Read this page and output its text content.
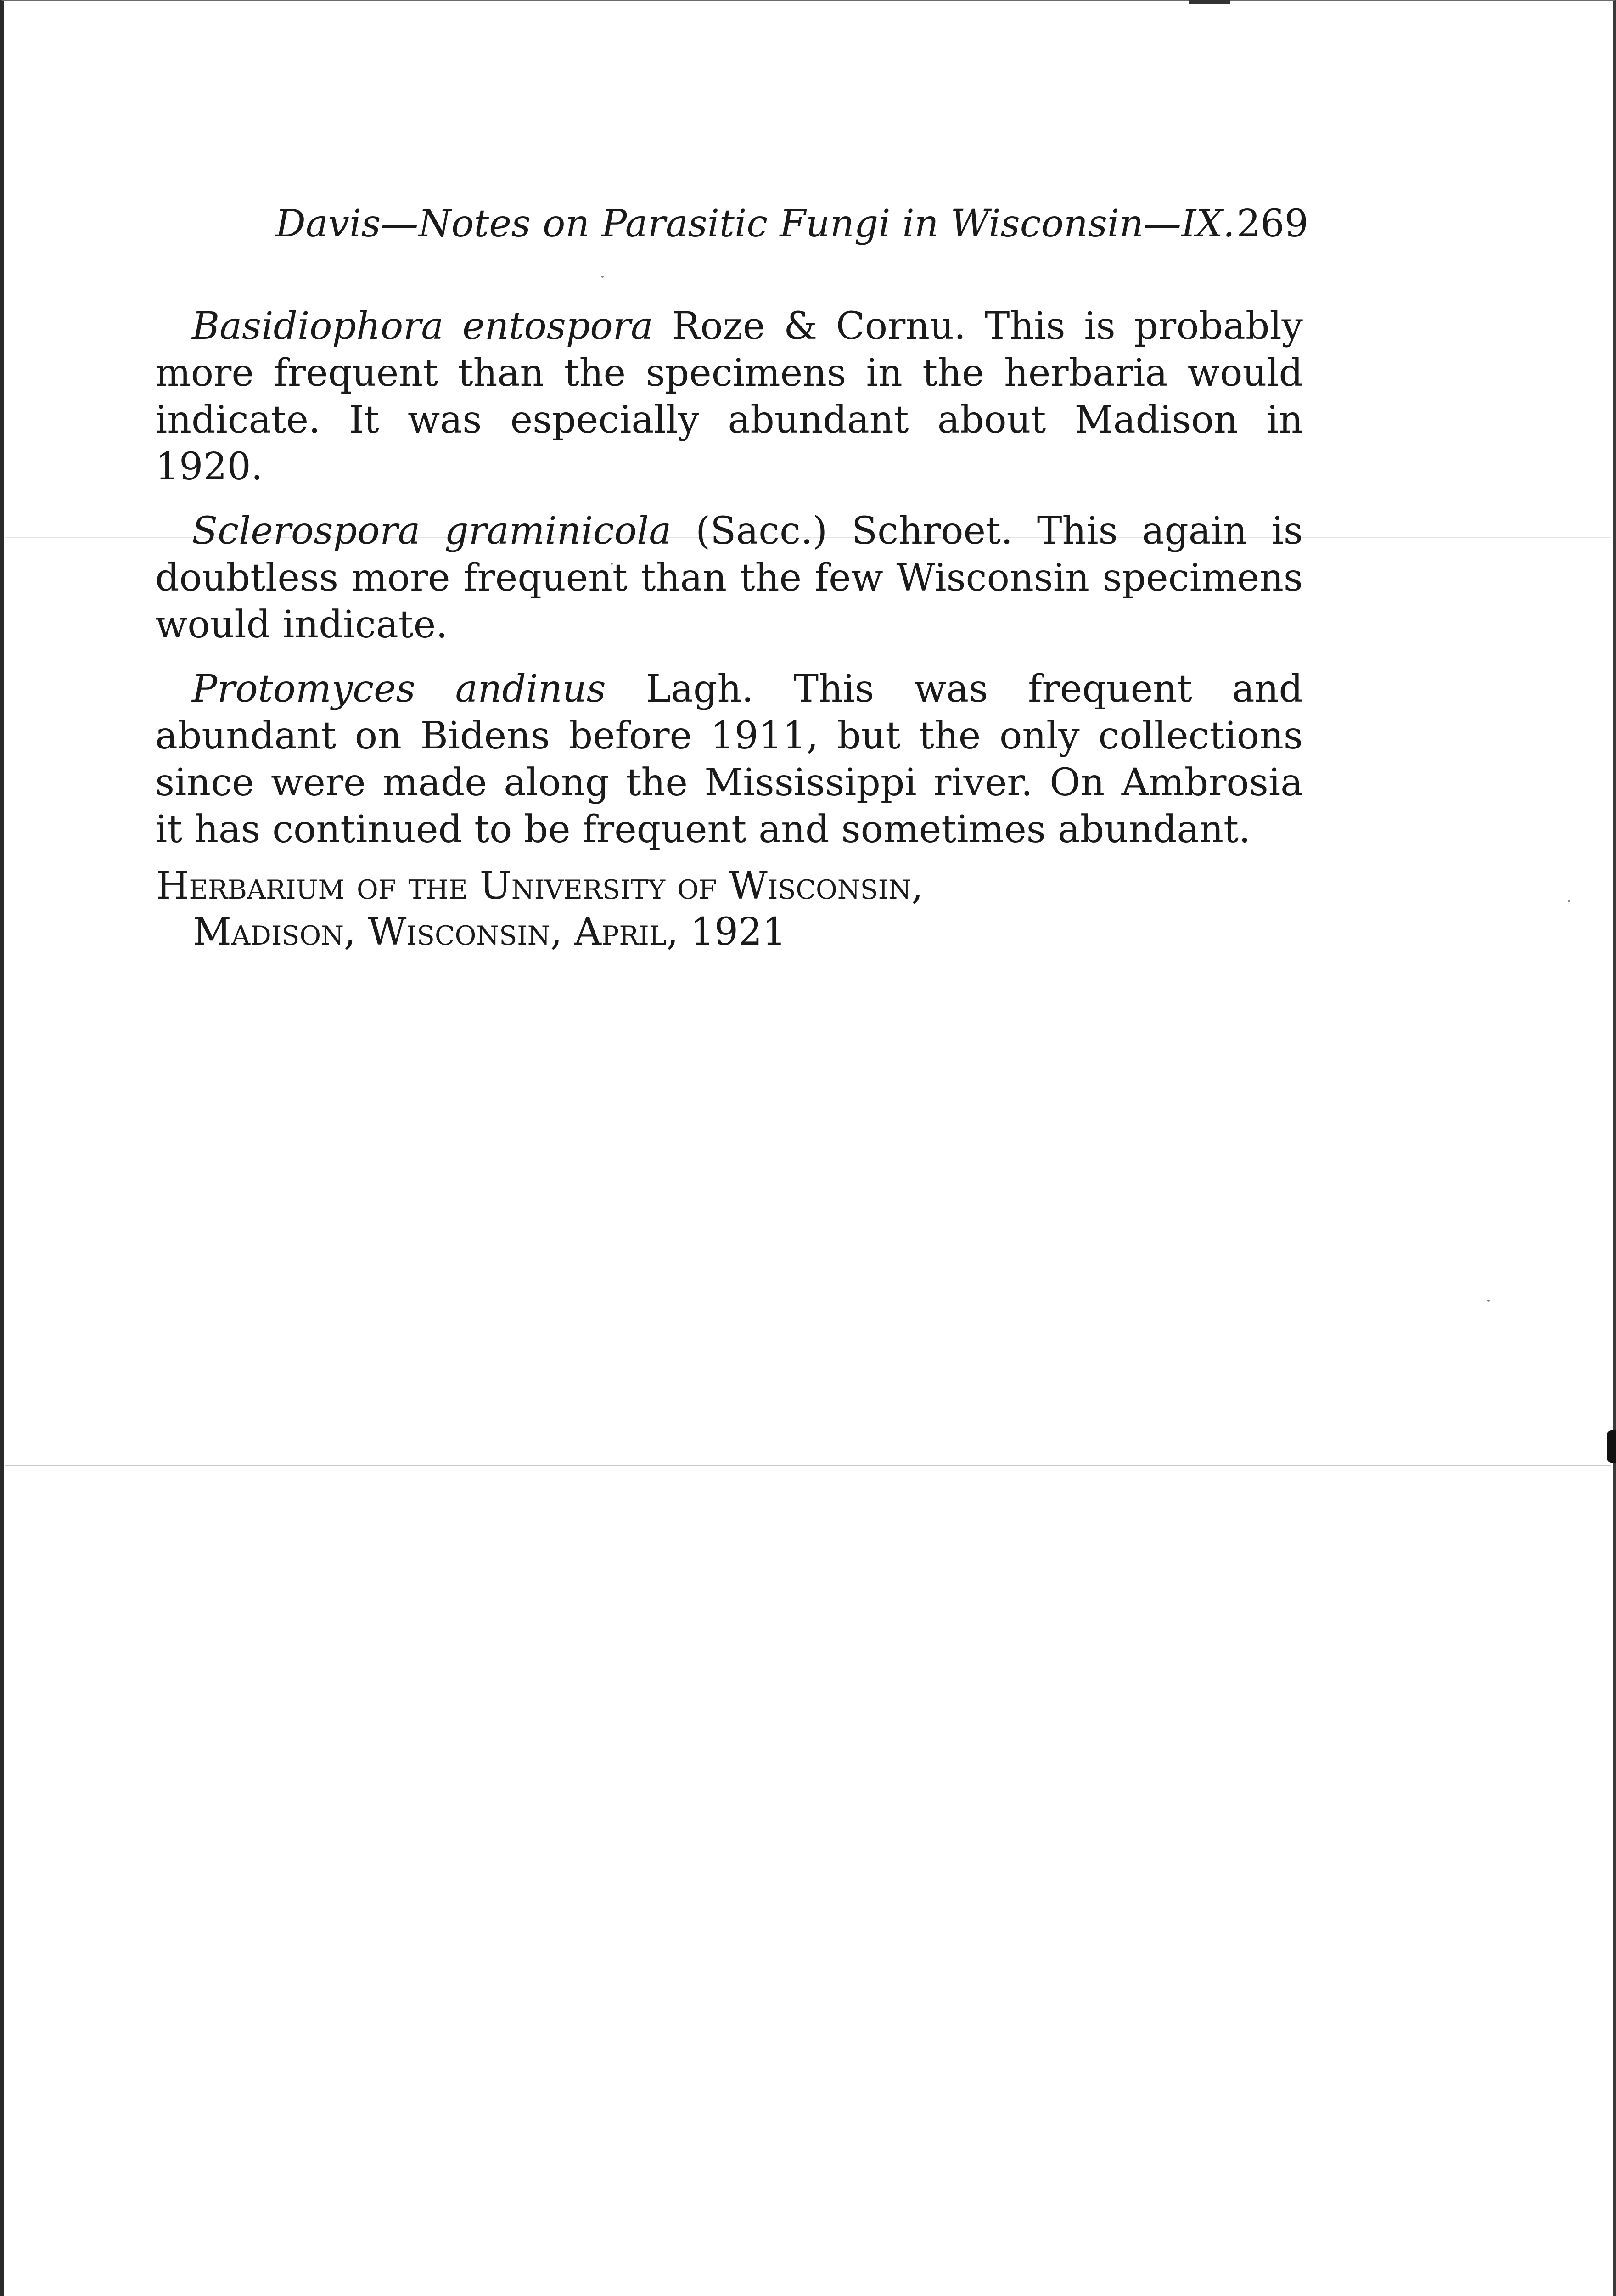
Davis—Notes on Parasitic Fungi in Wisconsin—IX. 269

Basidiophora entospora Roze & Cornu. This is probably more frequent than the specimens in the herbaria would indicate. It was especially abundant about Madison in 1920.

Sclerospora graminicola (Sacc.) Schroet. This again is doubtless more frequent than the few Wisconsin specimens would indicate.

Protomyces andinus Lagh. This was frequent and abundant on Bidens before 1911, but the only collections since were made along the Mississippi river. On Ambrosia it has continued to be frequent and sometimes abundant.

Herbarium of the University of Wisconsin,
Madison, Wisconsin, April, 1921
